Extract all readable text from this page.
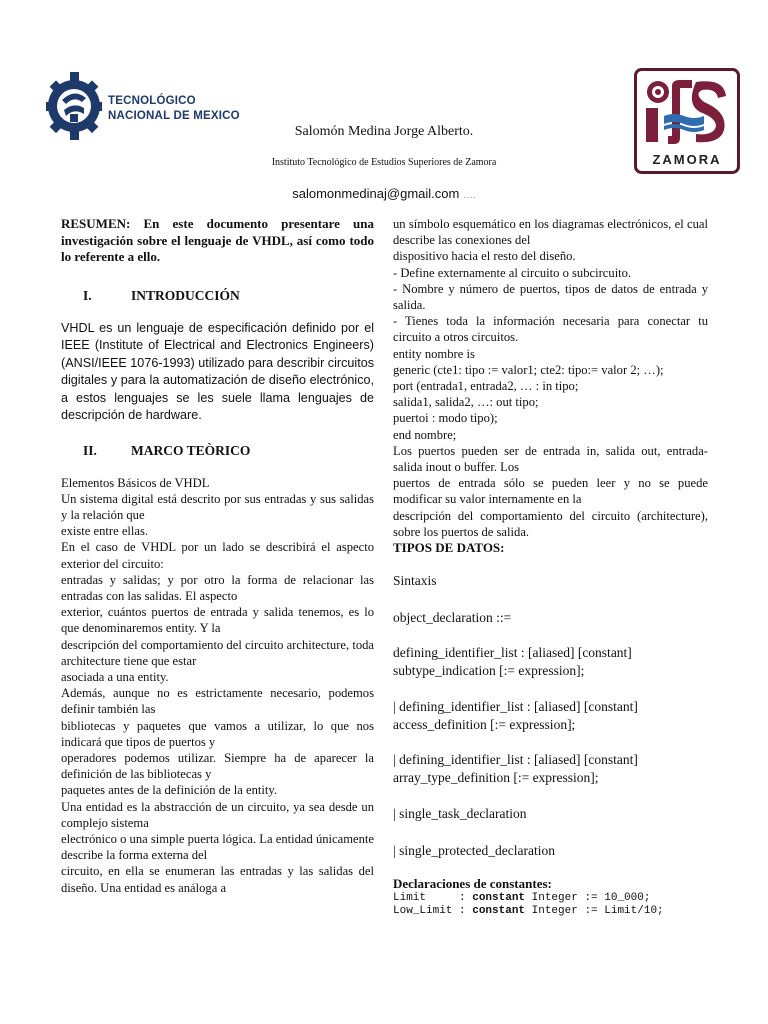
TECNOLÓGICO
NACIONAL DE MEXICO
Salomón Medina Jorge Alberto.
Instituto Tecnológico de Estudios Superiores de Zamora
salomonmedinaj@gmail.com ….
ZAMORA
RESUMEN: En este documento presentare una investigación sobre el lenguaje de VHDL, así como todo lo referente a ello.
I.	INTRODUCCIÓN
VHDL es un lenguaje de especificación definido por el IEEE (Institute of Electrical and Electronics Engineers) (ANSI/IEEE 1076-1993) utilizado para describir circuitos digitales y para la automatización de diseño electrónico, a estos lenguajes se les suele llama lenguajes de descripción de hardware.
II.	MARCO TEÒRICO

Elementos Básicos de VHDL

Un sistema digital está descrito por sus entradas y sus salidas y la relación que

existe entre ellas.

En el caso de VHDL por un lado se describirá el aspecto exterior del circuito:

entradas y salidas; y por otro la forma de relacionar las entradas con las salidas. El aspecto

exterior, cuántos puertos de entrada y salida tenemos, es lo que denominaremos entity. Y la

descripción del comportamiento del circuito architecture, toda architecture tiene que estar

asociada a una entity.

Además, aunque no es estrictamente necesario, podemos definir también las

bibliotecas y paquetes que vamos a utilizar, lo que nos indicará que tipos de puertos y

operadores podemos utilizar. Siempre ha de aparecer la definición de las bibliotecas y

paquetes antes de la definición de la entity.

Una entidad es la abstracción de un circuito, ya sea desde un complejo sistema

electrónico o una simple puerta lógica. La entidad únicamente describe la forma externa del

circuito, en ella se enumeran las entradas y las salidas del diseño. Una entidad es análoga a

un símbolo esquemático en los diagramas electrónicos, el cual describe las conexiones del

dispositivo hacia el resto del diseño.

- Define externamente al circuito o subcircuito.

- Nombre y número de puertos, tipos de datos de entrada y salida.

- Tienes toda la información necesaria para conectar tu circuito a otros circuitos.

entity nombre is

generic (cte1: tipo := valor1; cte2: tipo:= valor 2; …);

port (entrada1, entrada2, … : in tipo;

salida1, salida2, …: out tipo;

puertoi : modo tipo);

end nombre;

Los puertos pueden ser de entrada in, salida out, entrada-salida inout o buffer. Los

puertos de entrada sólo se pueden leer y no se puede modificar su valor internamente en la

descripción del comportamiento del circuito (architecture), sobre los puertos de salida.

TIPOS DE DATOS:

Sintaxis

object_declaration ::=

defining_identifier_list : [aliased] [constant]

subtype_indication [:= expression];

| defining_identifier_list : [aliased] [constant]

access_definition [:= expression];

| defining_identifier_list : [aliased] [constant]

array_type_definition [:= expression];

| single_task_declaration

| single_protected_declaration

Declaraciones de constantes:
Limit     : constant Integer := 10_000;
Low_Limit : constant Integer := Limit/10;
